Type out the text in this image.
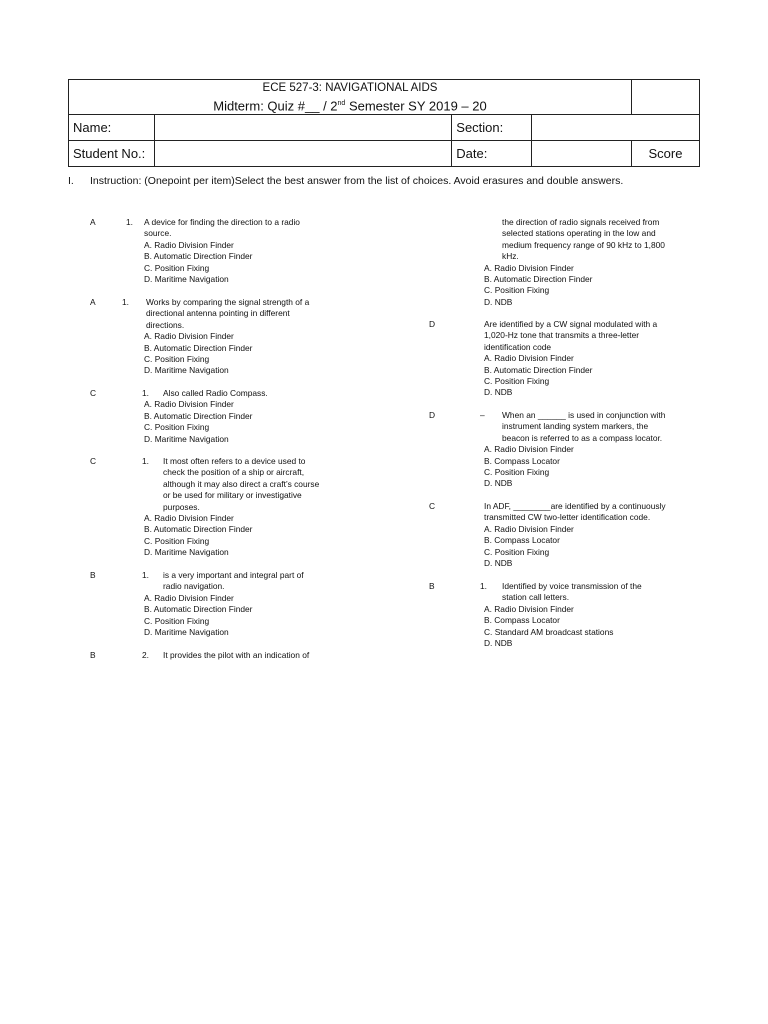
ECE 527-3: NAVIGATIONAL AIDS
Midterm: Quiz #__ / 2nd Semester SY 2019 – 20				

Name:		Section:		
Student No.:		Date:		Score
I. Instruction: (Onepoint per item)Select the best answer from the list of choices. Avoid erasures and double answers.
A	1. A device for finding the direction to a radio
source.
A. Radio Division Finder
B. Automatic Direction Finder
C. Position Fixing
D. Maritime Navigation
A	1. Works by comparing the signal strength of a
directional antenna pointing in different
directions.
A. Radio Division Finder
B. Automatic Direction Finder
C. Position Fixing
D. Maritime Navigation
C	1. Also called Radio Compass.
A. Radio Division Finder
B. Automatic Direction Finder
C. Position Fixing
D. Maritime Navigation
C	1. It most often refers to a device used to
check the position of a ship or aircraft,
although it may also direct a craft’s course
or be used for military or investigative
purposes.
A. Radio Division Finder
B. Automatic Direction Finder
C. Position Fixing
D. Maritime Navigation
B	1. is a very important and integral part of
radio navigation.
A. Radio Division Finder
B. Automatic Direction Finder
C. Position Fixing
D. Maritime Navigation
B	2. It provides the pilot with an indication of
the direction of radio signals received from
selected stations operating in the low and
medium frequency range of 90 kHz to 1,800
kHz.
A. Radio Division Finder
B. Automatic Direction Finder
C. Position Fixing
D. NDB
D	Are identified by a CW signal modulated with a
1,020-Hz tone that transmits a three-letter
identification code
A. Radio Division Finder
B. Automatic Direction Finder
C. Position Fixing
D. NDB
D	– When an ______ is used in conjunction with
instrument landing system markers, the
beacon is referred to as a compass locator.
A. Radio Division Finder
B. Compass Locator
C. Position Fixing
D. NDB
C	In ADF, ________are identified by a continuously
transmitted CW two-letter identification code.
A. Radio Division Finder
B. Compass Locator
C. Position Fixing
D. NDB
B	1. Identified by voice transmission of the
station call letters.
A. Radio Division Finder
B. Compass Locator
C. Standard AM broadcast stations
D. NDB
